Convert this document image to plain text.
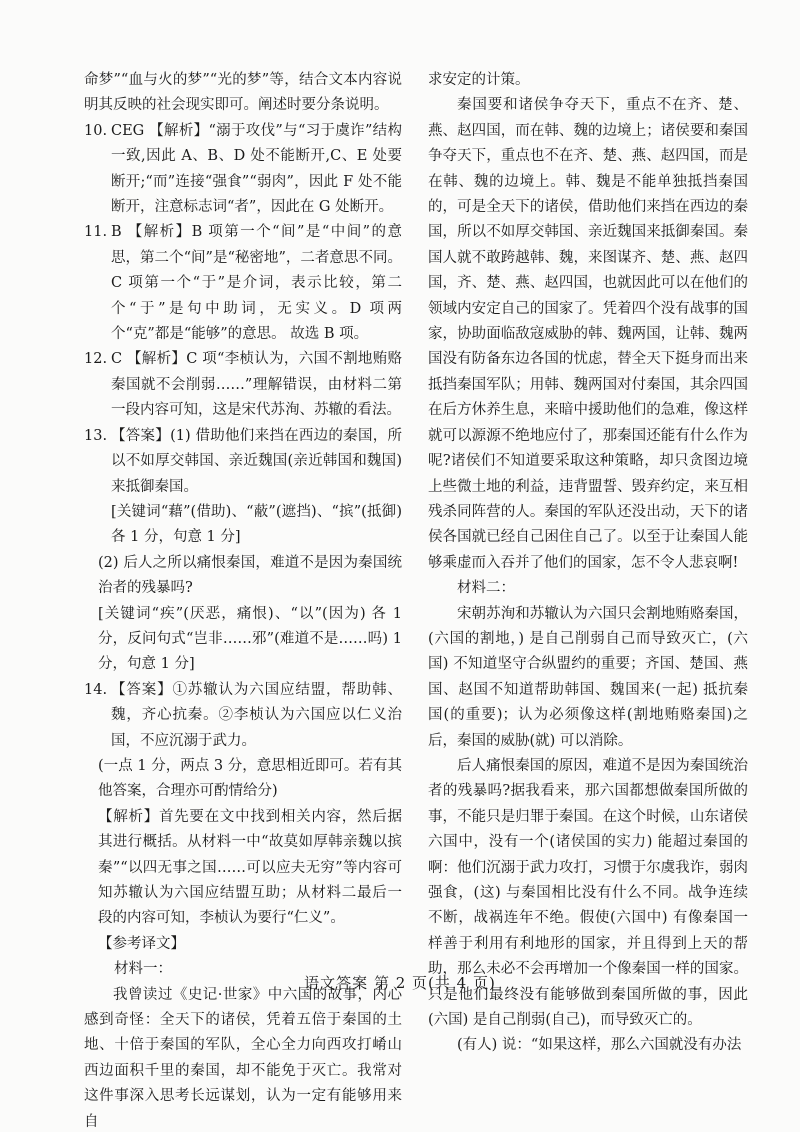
命梦”“血与火的梦”“光的梦”等，结合文本内容说明其反映的社会现实即可。阐述时要分条说明。

10. CEG 【解析】“溺于攻伐”与“习于虞诈”结构一致,因此 A、B、D 处不能断开,C、E 处要断开;“而”连接“强食”“弱肉”，因此 F 处不能断开，注意标志词“者”，因此在 G 处断开。

11. B 【解析】B 项第一个“间”是“中间”的意思，第二个“间”是“秘密地”，二者意思不同。C 项第一个“于”是介词，表示比较，第二个“于”是句中助词，无实义。D 项两个“克”都是“能够”的意思。 故选 B 项。

12. C 【解析】C 项“李桢认为，六国不割地贿赂秦国就不会削弱……”理解错误，由材料二第一段内容可知，这是宋代苏洵、苏辙的看法。

13. 【答案】(1) 借助他们来挡在西边的秦国，所以不如厚交韩国、亲近魏国(亲近韩国和魏国)来抵御秦国。

[关键词“藉”(借助)、“蔽”(遮挡)、“摈”(抵御)各 1 分，句意 1 分]

(2) 后人之所以痛恨秦国，难道不是因为秦国统治者的残暴吗?

[关键词“疾”(厌恶，痛恨)、“以”(因为) 各 1 分，反问句式“岂非……邪”(难道不是……吗) 1 分，句意 1 分]

14. 【答案】①苏辙认为六国应结盟，帮助韩、魏，齐心抗秦。②李桢认为六国应以仁义治国，不应沉溺于武力。

(一点 1 分，两点 3 分，意思相近即可。若有其他答案，合理亦可酌情给分)

【解析】首先要在文中找到相关内容，然后据其进行概括。从材料一中“故莫如厚韩亲魏以摈秦”“以四无事之国……可以应夫无穷”等内容可知苏辙认为六国应结盟互助；从材料二最后一段的内容可知，李桢认为要行“仁义”。

【参考译文】

材料一：

我曾读过《史记·世家》中六国的故事，内心感到奇怪：全天下的诸侯，凭着五倍于秦国的土地、十倍于秦国的军队，全心全力向西攻打崤山西边面积千里的秦国，却不能免于灭亡。我常对这件事深入思考长远谋划，认为一定有能够用来自

求安定的计策。

秦国要和诸侯争夺天下，重点不在齐、楚、燕、赵四国，而在韩、魏的边境上；诸侯要和秦国争夺天下，重点也不在齐、楚、燕、赵四国，而是在韩、魏的边境上。韩、魏是不能单独抵挡秦国的，可是全天下的诸侯，借助他们来挡在西边的秦国，所以不如厚交韩国、亲近魏国来抵御秦国。秦国人就不敢跨越韩、魏，来图谋齐、楚、燕、赵四国，齐、楚、燕、赵四国，也就因此可以在他们的领域内安定自己的国家了。凭着四个没有战事的国家，协助面临敌寇威胁的韩、魏两国，让韩、魏两国没有防备东边各国的忧虑，替全天下挺身而出来抵挡秦国军队；用韩、魏两国对付秦国，其余四国在后方休养生息，来暗中援助他们的急难，像这样就可以源源不绝地应付了，那秦国还能有什么作为呢?诸侯们不知道要采取这种策略，却只贪图边境上些微土地的利益，违背盟誓、毁弃约定，来互相残杀同阵营的人。秦国的军队还没出动，天下的诸侯各国就已经自己困住自己了。以至于让秦国人能够乘虚而入吞并了他们的国家，怎不令人悲哀啊!

材料二：

宋朝苏洵和苏辙认为六国只会割地贿赂秦国，(六国的割地，) 是自己削弱自己而导致灭亡，(六国) 不知道坚守合纵盟约的重要；齐国、楚国、燕国、赵国不知道帮助韩国、魏国来(一起) 抵抗秦国(的重要)；认为必须像这样(割地贿赂秦国)之后，秦国的威胁(就) 可以消除。

后人痛恨秦国的原因，难道不是因为秦国统治者的残暴吗?据我看来，那六国都想做秦国所做的事，不能只是归罪于秦国。在这个时候，山东诸侯六国中，没有一个(诸侯国的实力) 能超过秦国的啊：他们沉溺于武力攻打，习惯于尔虞我诈，弱肉强食，(这) 与秦国相比没有什么不同。战争连续不断，战祸连年不绝。假使(六国中) 有像秦国一样善于利用有利地形的国家，并且得到上天的帮助，那么未必不会再增加一个像秦国一样的国家。只是他们最终没有能够做到秦国所做的事，因此(六国) 是自己削弱(自己)，而导致灭亡的。

(有人) 说：“如果这样，那么六国就没有办法

语文答案 第 2 页(共 4 页)
